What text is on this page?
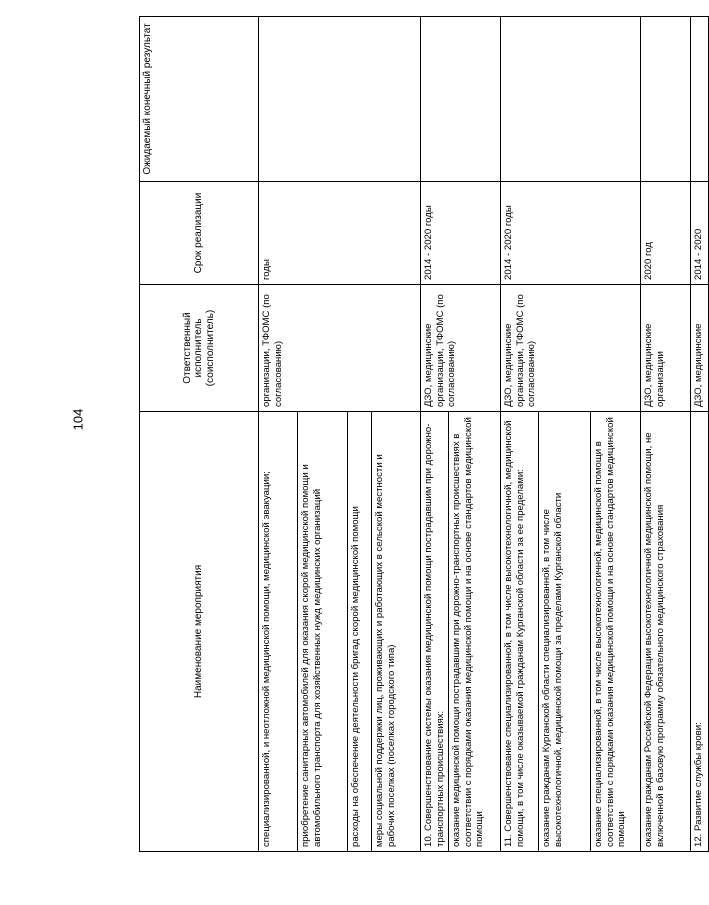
104
Наименование мероприятия	Ответственный исполнитель (соисполнитель)	Срок реализации	Ожидаемый конечный результат
специализированной, и неотложной медицинской помощи, медицинской эвакуации;	организации, ТФОМС (по согласованию)	годы	
приобретение санитарных автомобилей для оказания скорой медицинской помощи и автомобильного транспорта для хозяйственных нужд медицинских организаций			
расходы на обеспечение деятельности бригад скорой медицинской помощи			
меры социальной поддержки лиц, проживающих и работающих в сельской местности и рабочих поселках (поселках городского типа)			
10. Совершенствование системы оказания медицинской помощи пострадавшим при дорожно-транспортных происшествиях:	ДЗО, медицинские организации, ТФОМС (по согласованию)	2014 - 2020 годы	
оказание медицинской помощи пострадавшим при дорожно-транспортных происшествиях в соответствии с порядками оказания медицинской помощи и на основе стандартов медицинской помощи			
11. Совершенствование специализированной, в том числе высокотехнологичной, медицинской помощи, в том числе оказываемой гражданам Курганской области за ее пределами:	ДЗО, медицинские организации, ТФОМС (по согласованию)	2014 - 2020 годы	
оказание гражданам Курганской области специализированной, в том числе высокотехнологичной, медицинской помощи за пределами Курганской области			
оказание специализированной, в том числе высокотехнологичной, медицинской помощи в соответствии с порядками оказания медицинской помощи и на основе стандартов медицинской помощи			
оказание гражданам Российской Федерации высокотехнологичной медицинской помощи, не включенной в базовую программу обязательного медицинского страхования	ДЗО, медицинские организации	2020 год	
12. Развитие службы крови:	ДЗО, медицинские	2014 - 2020	
